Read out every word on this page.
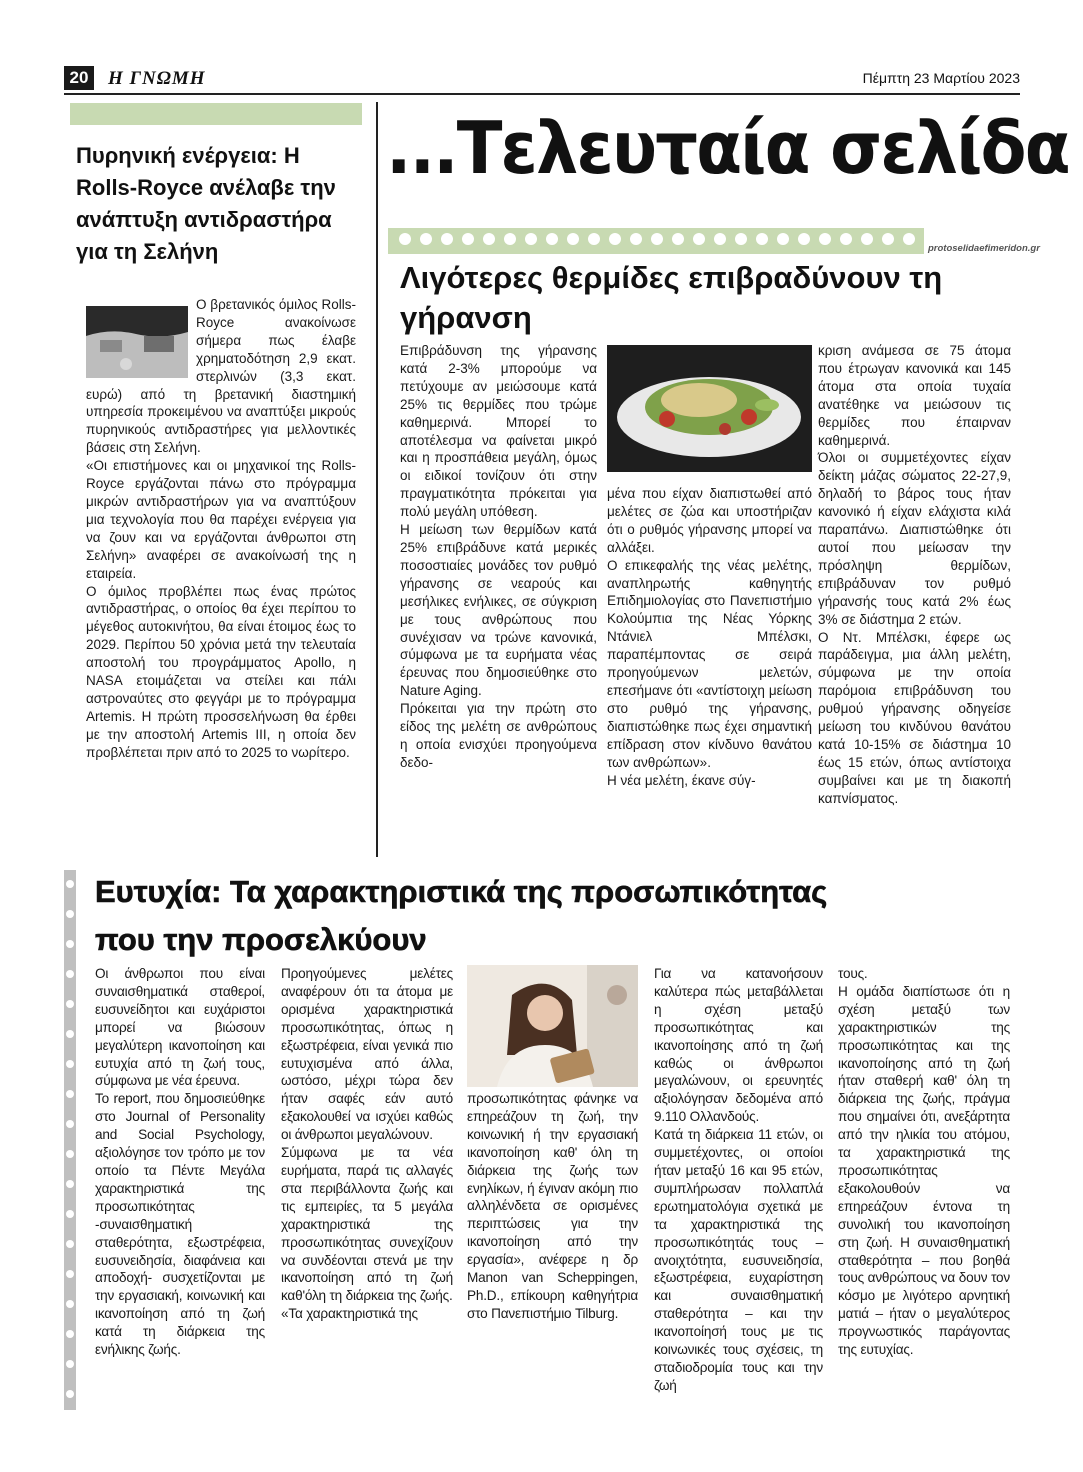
20 Η ΓΝΩΜΗ	Πέμπτη 23 Μαρτίου 2023
Πυρηνική ενέργεια: Η Rolls-Royce ανέλαβε την ανάπτυξη αντιδραστήρα για τη Σελήνη

Ο βρετανικός όμιλος Rolls-Royce ανακοίνωσε σήμερα πως έλαβε χρηματοδότηση 2,9 εκατ. στερλινών (3,3 εκατ. ευρώ) από τη βρετανική διαστημική υπηρεσία προκειμένου να αναπτύξει μικρούς πυρηνικούς αντιδραστήρες για μελλοντικές βάσεις στη Σελήνη.

«Οι επιστήμονες και οι μηχανικοί της Rolls-Royce εργάζονται πάνω στο πρόγραμμα μικρών αντιδραστήρων για να αναπτύξουν μια τεχνολογία που θα παρέχει ενέργεια για να ζουν και να εργάζονται άνθρωποι στη Σελήνη» αναφέρει σε ανακοίνωσή της η εταιρεία.

Ο όμιλος προβλέπει πως ένας πρώτος αντιδραστήρας, ο οποίος θα έχει περίπου το μέγεθος αυτοκινήτου, θα είναι έτοιμος έως το 2029. Περίπου 50 χρόνια μετά την τελευταία αποστολή του προγράμματος Apollo, η NASA ετοιμάζεται να στείλει και πάλι αστροναύτες στο φεγγάρι με το πρόγραμμα Artemis. Η πρώτη προσσελήνωση θα έρθει με την αποστολή Artemis III, η οποία δεν προβλέπεται πριν από το 2025 το νωρίτερο.

...Τελευταία σελίδα
protoselidaefimeridon.gr
Λιγότερες θερμίδες επιβραδύνουν τη γήρανση

Επιβράδυνση της γήρανσης κατά 2-3% μπορούμε να πετύχουμε αν μειώσουμε κατά 25% τις θερμίδες που τρώμε καθημερινά. Μπορεί το αποτέλεσμα να φαίνεται μικρό και η προσπάθεια μεγάλη, όμως οι ειδικοί τονίζουν ότι στην πραγματικότητα πρόκειται για πολύ μεγάλη υπόθεση.

Η μείωση των θερμίδων κατά 25% επιβράδυνε κατά μερικές ποσοστιαίες μονάδες τον ρυθμό γήρανσης σε νεαρούς και μεσήλικες ενήλικες, σε σύγκριση με τους ανθρώπους που συνέχισαν να τρώνε κανονικά, σύμφωνα με τα ευρήματα νέας έρευνας που δημοσιεύθηκε στο Nature Aging.

Πρόκειται για την πρώτη στο είδος της μελέτη σε ανθρώπους η οποία ενισχύει προηγούμενα δεδο-

μένα που είχαν διαπιστωθεί από μελέτες σε ζώα και υποστήριζαν ότι ο ρυθμός γήρανσης μπορεί να αλλάξει.

Ο επικεφαλής της νέας μελέτης, αναπληρωτής καθηγητής Επιδημιολογίας στο Πανεπιστήμιο Κολούμπια της Νέας Υόρκης Ντάνιελ Μπέλσκι, παραπέμποντας σε σειρά προηγούμενων μελετών, επεσήμανε ότι «αντίστοιχη μείωση στο ρυθμό της γήρανσης, διαπιστώθηκε πως έχει σημαντική επίδραση στον κίνδυνο θανάτου των ανθρώπων».

Η νέα μελέτη, έκανε σύγ-

κριση ανάμεσα σε 75 άτομα που έτρωγαν κανονικά και 145 άτομα στα οποία τυχαία ανατέθηκε να μειώσουν τις θερμίδες που έπαιρναν καθημερινά.

Όλοι οι συμμετέχοντες είχαν δείκτη μάζας σώματος 22-27,9, δηλαδή το βάρος τους ήταν κανονικό ή είχαν ελάχιστα κιλά παραπάνω. Διαπιστώθηκε ότι αυτοί που μείωσαν την πρόσληψη θερμίδων, επιβράδυναν τον ρυθμό γήρανσής τους κατά 2% έως 3% σε διάστημα 2 ετών.

Ο Ντ. Μπέλσκι, έφερε ως παράδειγμα, μια άλλη μελέτη, σύμφωνα με την οποία παρόμοια επιβράδυνση του ρυθμού γήρανσης οδηγείσε μείωση του κινδύνου θανάτου κατά 10-15% σε διάστημα 10 έως 15 ετών, όπως αντίστοιχα συμβαίνει και με τη διακοπή καπνίσματος.

Ευτυχία: Τα χαρακτηριστικά της προσωπικότητας
που την προσελκύουν

Οι άνθρωποι που είναι συναισθηματικά σταθεροί, ευσυνείδητοι και ευχάριστοι μπορεί να βιώσουν μεγαλύτερη ικανοποίηση και ευτυχία από τη ζωή τους, σύμφωνα με νέα έρευνα.

Το report, που δημοσιεύθηκε στο Journal of Personality and Social Psychology, αξιολόγησε τον τρόπο με τον οποίο τα Πέντε Μεγάλα χαρακτηριστικά της προσωπικότητας -συναισθηματική σταθερότητα, εξωστρέφεια, ευσυνειδησία, διαφάνεια και αποδοχή- συσχετίζονται με την εργασιακή, κοινωνική και ικανοποίηση από τη ζωή κατά τη διάρκεια της ενήλικης ζωής.

Προηγούμενες μελέτες αναφέρουν ότι τα άτομα με ορισμένα χαρακτηριστικά προσωπικότητας, όπως η εξωστρέφεια, είναι γενικά πιο ευτυχισμένα από άλλα, ωστόσο, μέχρι τώρα δεν ήταν σαφές εάν αυτό εξακολουθεί να ισχύει καθώς οι άνθρωποι μεγαλώνουν.

Σύμφωνα με τα νέα ευρήματα, παρά τις αλλαγές στα περιβάλλοντα ζωής και τις εμπειρίες, τα 5 μεγάλα χαρακτηριστικά της προσωπικότητας συνεχίζουν να συνδέονται στενά με την ικανοποίηση από τη ζωή καθ'όλη τη διάρκεια της ζωής.

«Τα χαρακτηριστικά της

προσωπικότητας φάνηκε να επηρεάζουν τη ζωή, την κοινωνική ή την εργασιακή ικανοποίηση καθ' όλη τη διάρκεια της ζωής των ενηλίκων, ή έγιναν ακόμη πιο αλληλένδετα σε ορισμένες περιπτώσεις για την ικανοποίηση από την εργασία», ανέφερε η δρ Manon van Scheppingen, Ph.D., επίκουρη καθηγήτρια στο Πανεπιστήμιο Tilburg.

Για να κατανοήσουν καλύτερα πώς μεταβάλλεται η σχέση μεταξύ προσωπικότητας και ικανοποίησης από τη ζωή καθώς οι άνθρωποι μεγαλώνουν, οι ερευνητές αξιολόγησαν δεδομένα από 9.110 Ολλανδούς.

Κατά τη διάρκεια 11 ετών, οι συμμετέχοντες, οι οποίοι ήταν μεταξύ 16 και 95 ετών, συμπλήρωσαν πολλαπλά ερωτηματολόγια σχετικά με τα χαρακτηριστικά της προσωπικότητάς τους – ανοιχτότητα, ευσυνειδησία, εξωστρέφεια, ευχαρίστηση και συναισθηματική σταθερότητα – και την ικανοποίησή τους με τις κοινωνικές τους σχέσεις, τη σταδιοδρομία τους και την ζωή

τους.

Η ομάδα διαπίστωσε ότι η σχέση μεταξύ των χαρακτηριστικών της προσωπικότητας και της ικανοποίησης από τη ζωή ήταν σταθερή καθ' όλη τη διάρκεια της ζωής, πράγμα που σημαίνει ότι, ανεξάρτητα από την ηλικία του ατόμου, τα χαρακτηριστικά της προσωπικότητας εξακολουθούν να επηρεάζουν έντονα τη συνολική του ικανοποίηση στη ζωή. Η συναισθηματική σταθερότητα – που βοηθά τους ανθρώπους να δουν τον κόσμο με λιγότερο αρνητική ματιά – ήταν ο μεγαλύτερος προγνωστικός παράγοντας της ευτυχίας.
